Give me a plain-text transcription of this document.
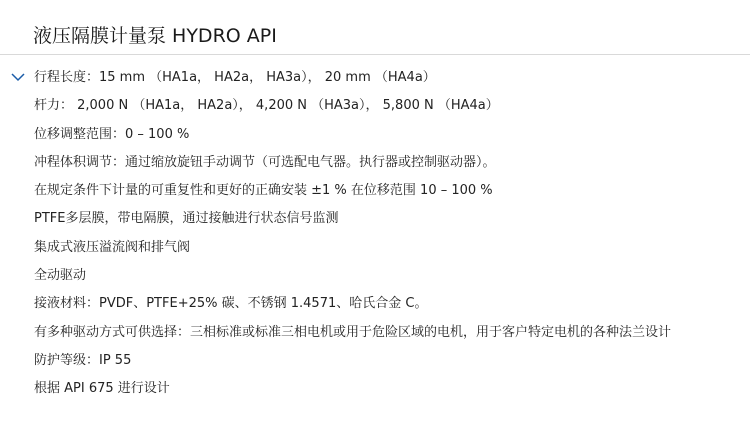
液压隔膜计量泵 HYDRO API
行程长度：15 mm （HA1a， HA2a， HA3a）， 20 mm （HA4a）
杆力： 2,000 N （HA1a， HA2a）， 4,200 N （HA3a）， 5,800 N （HA4a）
位移调整范围：0 – 100 %
冲程体积调节：通过缩放旋钮手动调节（可选配电气器。执行器或控制驱动器）。
在规定条件下计量的可重复性和更好的正确安装 ±1 % 在位移范围 10 – 100 %
PTFE多层膜，带电隔膜，通过接触进行状态信号监测
集成式液压溢流阀和排气阀
全动驱动
接液材料：PVDF、PTFE+25% 碳、不锈钢 1.4571、哈氏合金 C。
有多种驱动方式可供选择：三相标准或标准三相电机或用于危险区域的电机，用于客户特定电机的各种法兰设计
防护等级：IP 55
根据 API 675 进行设计
